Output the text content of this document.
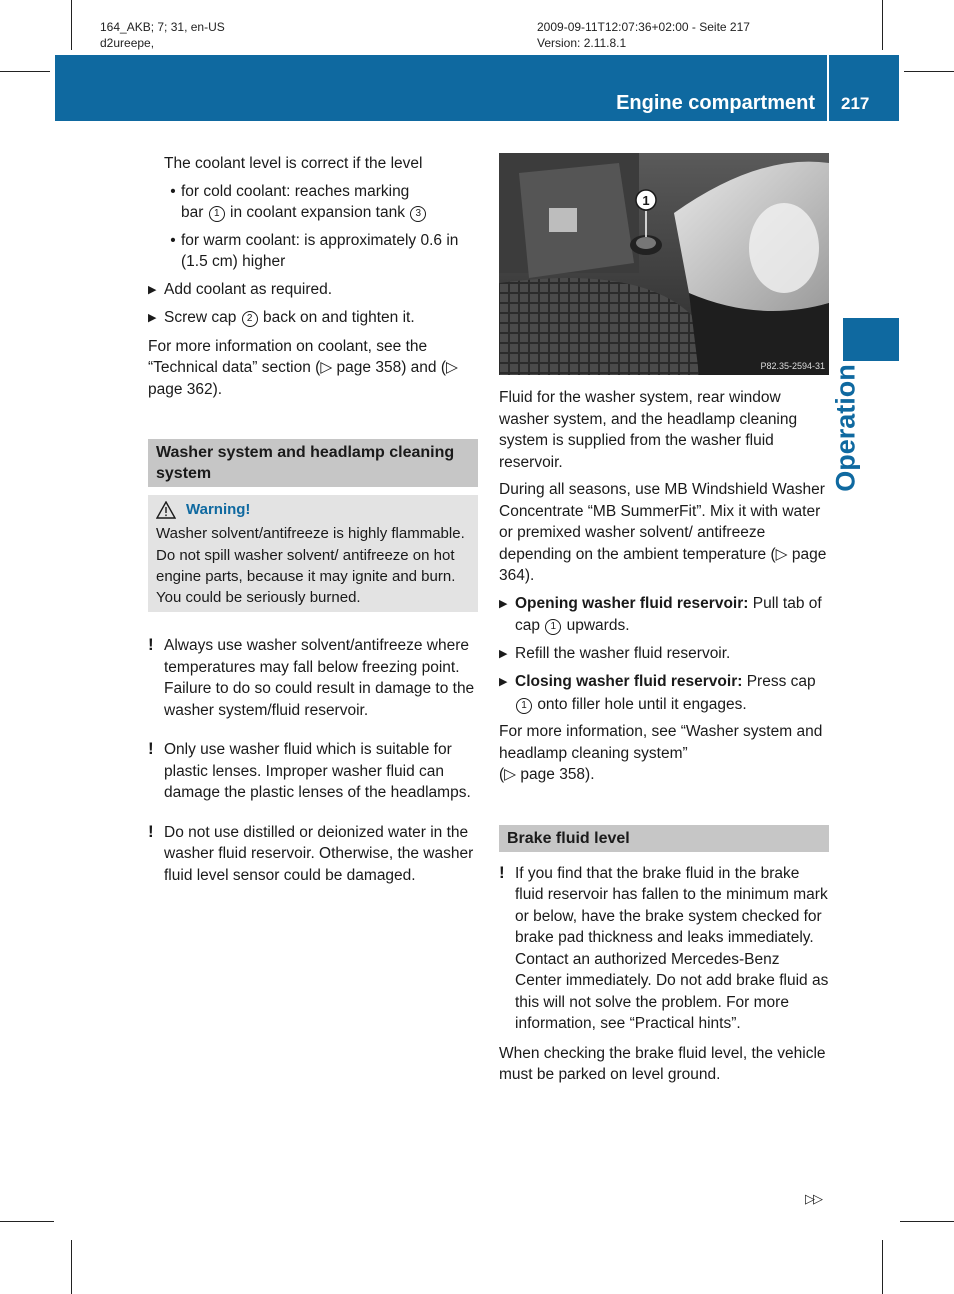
164_AKB; 7; 31, en-US
d2ureepe,
2009-09-11T12:07:36+02:00 - Seite 217
Version: 2.11.8.1
Engine compartment 217
Operation

The coolant level is correct if the level

• for cold coolant: reaches marking
bar 1 in coolant expansion tank 3

• for warm coolant: is approximately 0.6 in (1.5 cm) higher

▶ Add coolant as required.

▶ Screw cap 2 back on and tighten it.

For more information on coolant, see the “Technical data” section (▷ page 358) and (▷ page 362).

Washer system and headlamp cleaning system
Warning!

Washer solvent/antifreeze is highly flammable. Do not spill washer solvent/ antifreeze on hot engine parts, because it may ignite and burn. You could be seriously burned.

! Always use washer solvent/antifreeze where temperatures may fall below freezing point. Failure to do so could result in damage to the washer system/fluid reservoir.

! Only use washer fluid which is suitable for plastic lenses. Improper washer fluid can damage the plastic lenses of the headlamps.

! Do not use distilled or deionized water in the washer fluid reservoir. Otherwise, the washer fluid level sensor could be damaged.

1
P82.35-2594-31

Fluid for the washer system, rear window washer system, and the headlamp cleaning system is supplied from the washer fluid reservoir.

During all seasons, use MB Windshield Washer Concentrate “MB SummerFit”. Mix it with water or premixed washer solvent/ antifreeze depending on the ambient temperature (▷ page 364).

▶ Opening washer fluid reservoir: Pull tab of cap 1 upwards.

▶ Refill the washer fluid reservoir.

▶ Closing washer fluid reservoir: Press cap 1 onto filler hole until it engages.

For more information, see “Washer system and headlamp cleaning system”
(▷ page 358).

Brake fluid level

! If you find that the brake fluid in the brake fluid reservoir has fallen to the minimum mark or below, have the brake system checked for brake pad thickness and leaks immediately. Contact an authorized Mercedes-Benz Center immediately. Do not add brake fluid as this will not solve the problem. For more information, see “Practical hints”.

When checking the brake fluid level, the vehicle must be parked on level ground.

▷▷
